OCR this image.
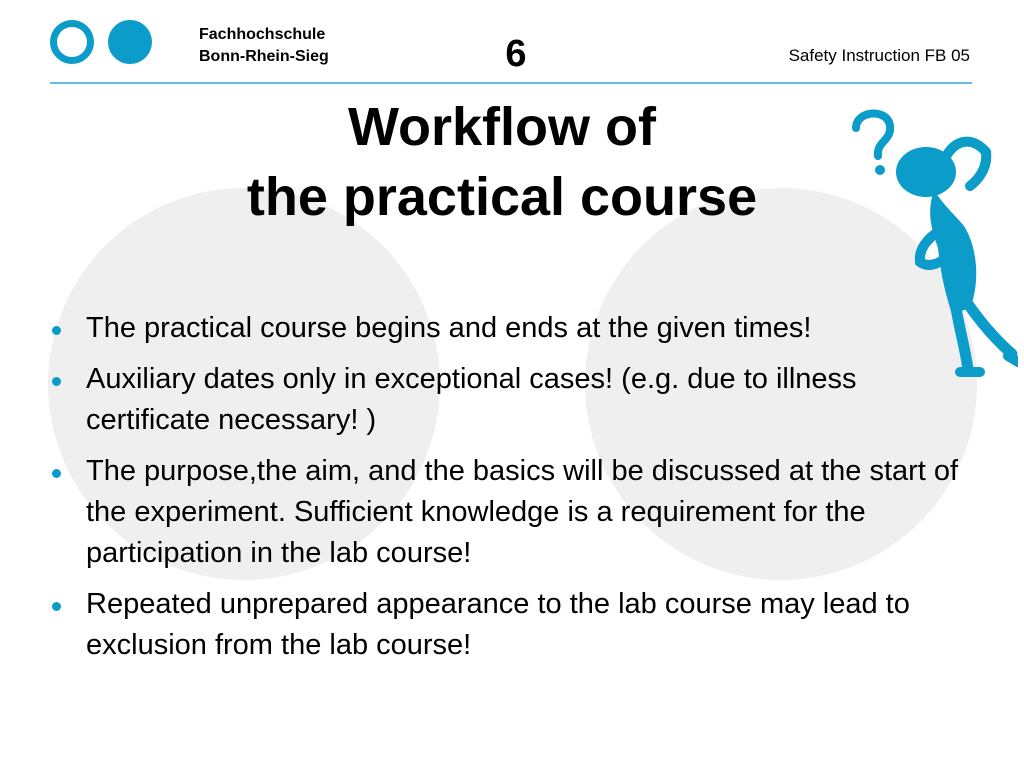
Fachhochschule
Bonn-Rhein-Sieg	6	Safety Instruction FB 05
Workflow of
the practical course
The practical course begins and ends at the given times!
Auxiliary dates only in exceptional cases! (e.g. due to illness certificate necessary! )
The purpose,the aim, and the basics will be discussed at the start of the experiment. Sufficient knowledge is a requirement for the participation in the lab course!
Repeated unprepared appearance to the lab course may lead to exclusion from the lab course!
